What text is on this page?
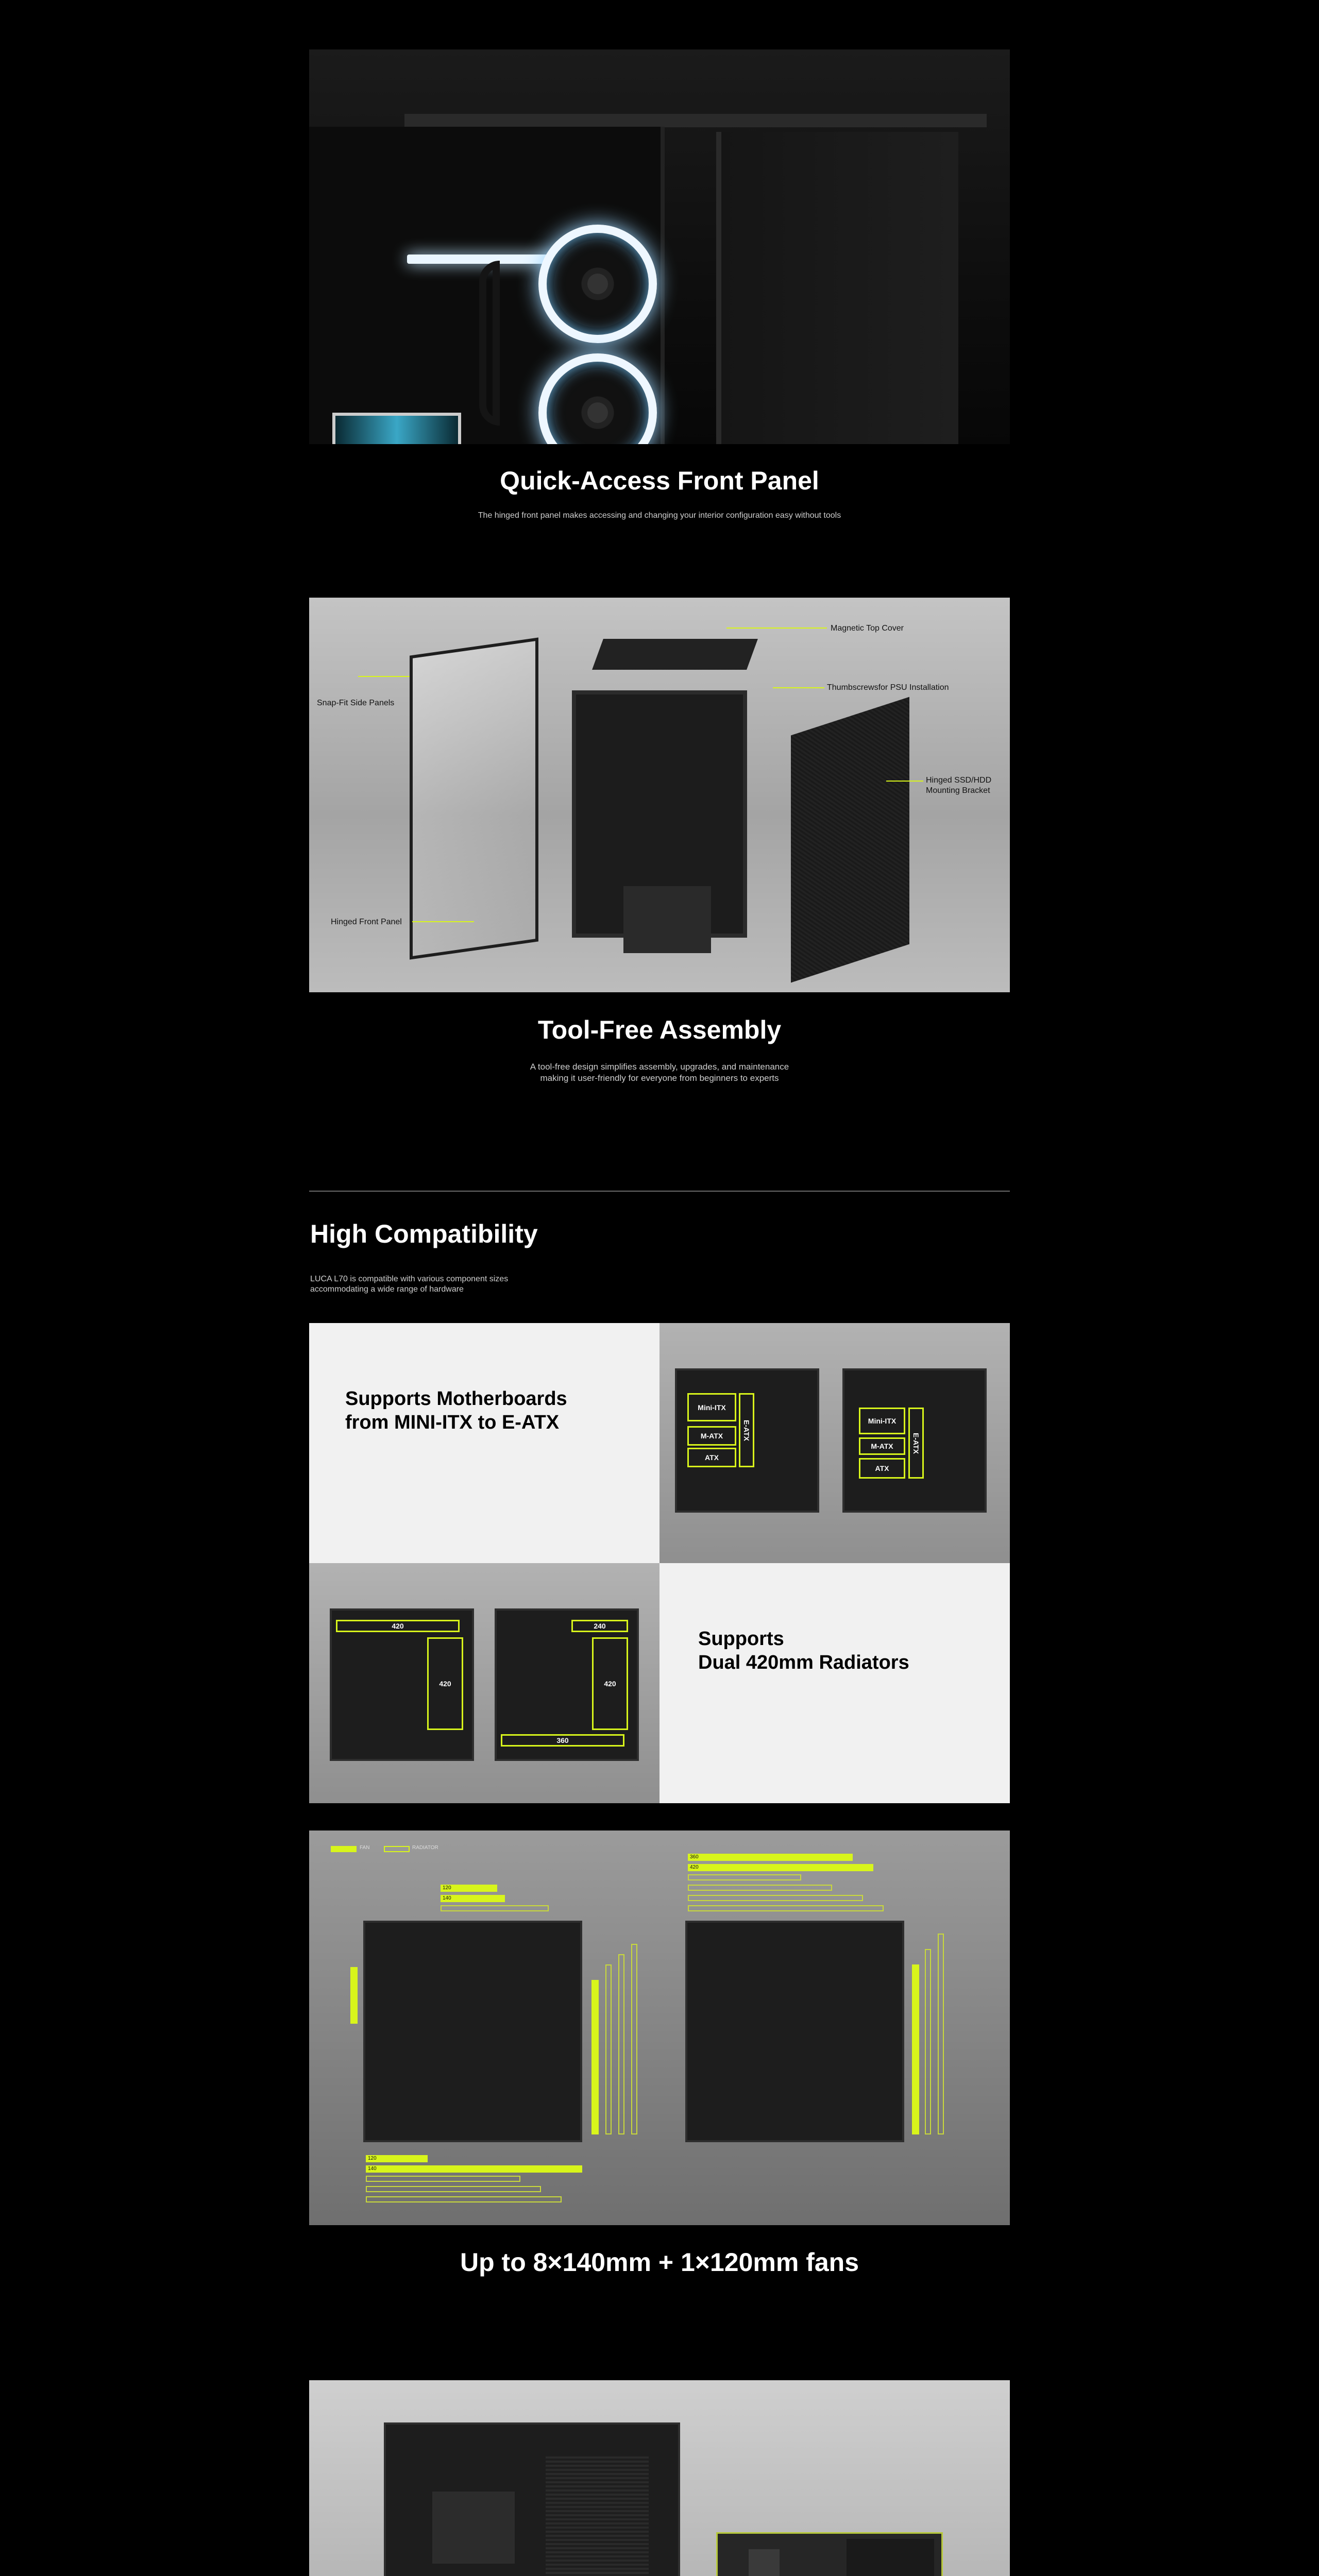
Quick-Access Front Panel
The hinged front panel makes accessing and changing your interior configuration easy without tools
Magnetic Top Cover
Thumbscrewsfor PSU Installation
Snap-Fit Side Panels
Hinged SSD/HDD
Mounting Bracket
Hinged Front Panel
Tool-Free Assembly
A tool-free design simplifies assembly, upgrades, and maintenance
making it user-friendly for everyone from beginners to experts
High Compatibility
LUCA L70 is compatible with various component sizes
accommodating a wide range of hardware
Supports Motherboards
from MINI-ITX to E-ATX
Mini-ITX
M-ATX
ATX
E-ATX	Mini-ITX
M-ATX
ATX
E-ATX
420
420
240
420
360
Supports
Dual 420mm Radiators
FAN	RADIATOR
120
140
120
140
360
420
Up to 8×140mm + 1×120mm fans
